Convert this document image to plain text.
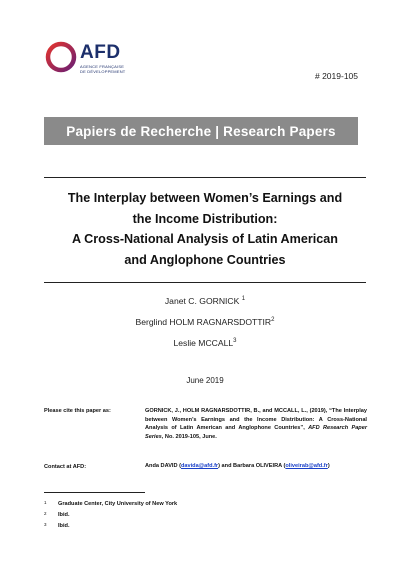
AFD
AGENCE FRANÇAISE
DE DÉVELOPPEMENT	# 2019-105
Papiers de Recherche | Research Papers
The Interplay between Women’s Earnings and
the Income Distribution:
A Cross-National Analysis of Latin American
and Anglophone Countries
Janet C. GORNICK $^1$
Berglind HOLM RAGNARSDOTTIR$^2$
Leslie MCCALL$^3$
June 2019
Please cite this paper as:	GORNICK, J., HOLM RAGNARSDOTTIR, B., and MCCALL, L., (2019), “The Interplay between Women’s Earnings and the Income Distribution: A Cross-National Analysis of Latin American and Anglophone Countries”, AFD Research Paper Series, No. 2019-105, June.
Contact at AFD:	Anda DAVID (davida@afd.fr) and Barbara OLIVEIRA (oliveirab@afd.fr)
1 Graduate Center, City University of New York
2 Ibid.
3 Ibid.
